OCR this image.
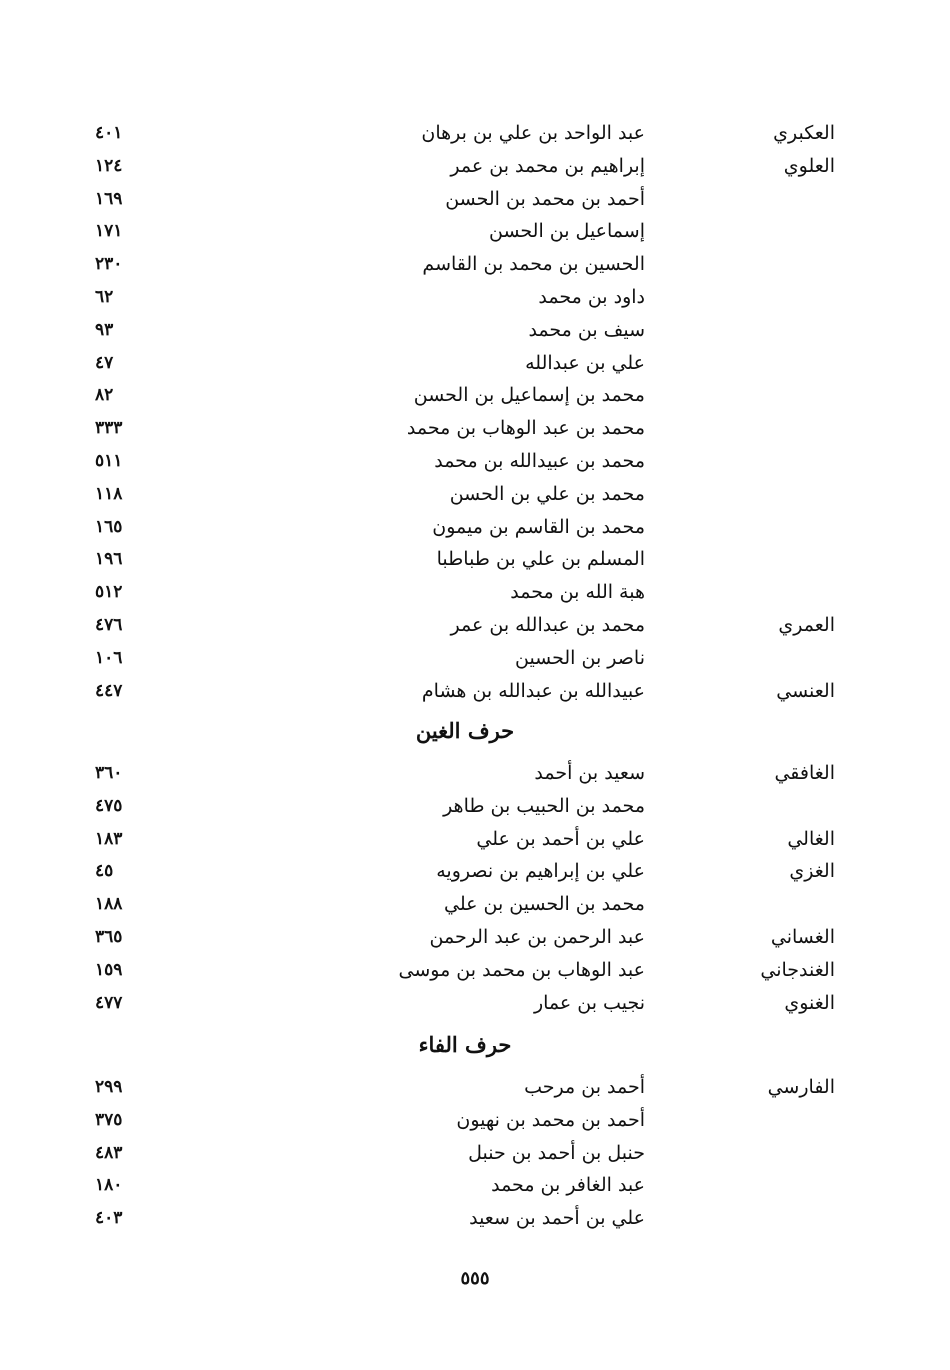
العكبري
عبد الواحد بن علي بن برهان
٤٠١
العلوي
إبراهيم بن محمد بن عمر
١٢٤
أحمد بن محمد بن الحسن
١٦٩
إسماعيل بن الحسن
١٧١
الحسين بن محمد بن القاسم
٢٣٠
داود بن محمد
٦٢
سيف بن محمد
٩٣
علي بن عبدالله
٤٧
محمد بن إسماعيل بن الحسن
٨٢
محمد بن عبد الوهاب بن محمد
٣٣٣
محمد بن عبيدالله بن محمد
٥١١
محمد بن علي بن الحسن
١١٨
محمد بن القاسم بن ميمون
١٦٥
المسلم بن علي بن طباطبا
١٩٦
هبة الله بن محمد
٥١٢
العمري
محمد بن عبدالله بن عمر
٤٧٦
ناصر بن الحسين
١٠٦
العنسي
عبيدالله بن عبدالله بن هشام
٤٤٧
حرف الغين
الغافقي
سعيد بن أحمد
٣٦٠
محمد بن الحبيب بن طاهر
٤٧٥
الغالي
علي بن أحمد بن علي
١٨٣
الغزي
علي بن إبراهيم بن نصرويه
٤٥
محمد بن الحسين بن علي
١٨٨
الغساني
عبد الرحمن بن عبد الرحمن
٣٦٥
الغندجاني
عبد الوهاب بن محمد بن موسى
١٥٩
الغنوي
نجيب بن عمار
٤٧٧
حرف الفاء
الفارسي
أحمد بن مرحب
٢٩٩
أحمد بن محمد بن نهيون
٣٧٥
حنبل بن أحمد بن حنبل
٤٨٣
عبد الغافر بن محمد
١٨٠
علي بن أحمد بن سعيد
٤٠٣
٥٥٥
